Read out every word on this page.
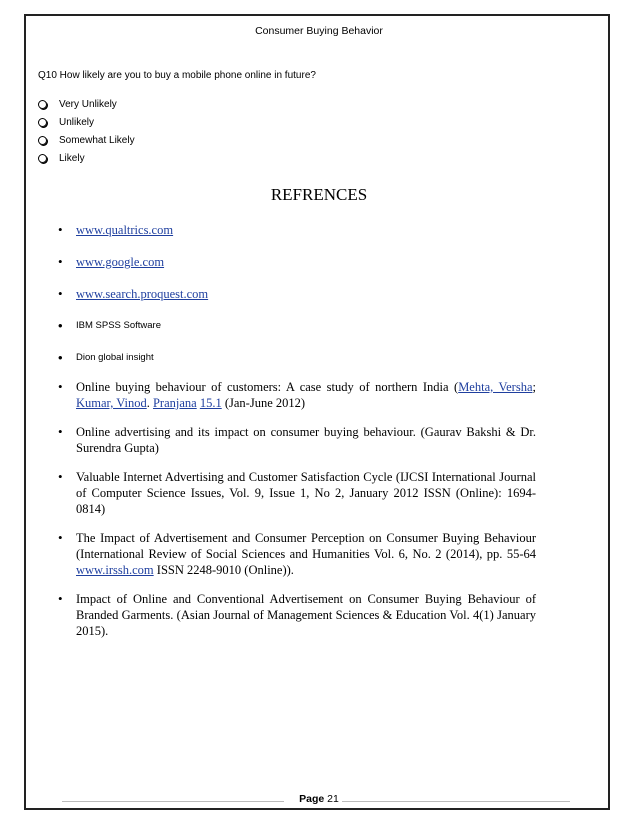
Consumer Buying Behavior
Q10 How likely are you to buy a mobile phone online in future?
Very Unlikely
Unlikely
Somewhat Likely
Likely
REFRENCES
• www.qualtrics.com
• www.google.com
• www.search.proquest.com
• IBM SPSS Software
• Dion global insight
• Online buying behaviour of customers: A case study of northern India (Mehta, Versha; Kumar, Vinod. Pranjana 15.1 (Jan-June 2012)
• Online advertising and its impact on consumer buying behaviour. (Gaurav Bakshi & Dr. Surendra Gupta)
• Valuable Internet Advertising and Customer Satisfaction Cycle (IJCSI International Journal of Computer Science Issues, Vol. 9, Issue 1, No 2, January 2012 ISSN (Online): 1694-0814)
• The Impact of Advertisement and Consumer Perception on Consumer Buying Behaviour (International Review of Social Sciences and Humanities Vol. 6, No. 2 (2014), pp. 55-64 www.irssh.com ISSN 2248-9010 (Online)).
• Impact of Online and Conventional Advertisement on Consumer Buying Behaviour of Branded Garments. (Asian Journal of Management Sciences & Education Vol. 4(1) January 2015).
Page 21
